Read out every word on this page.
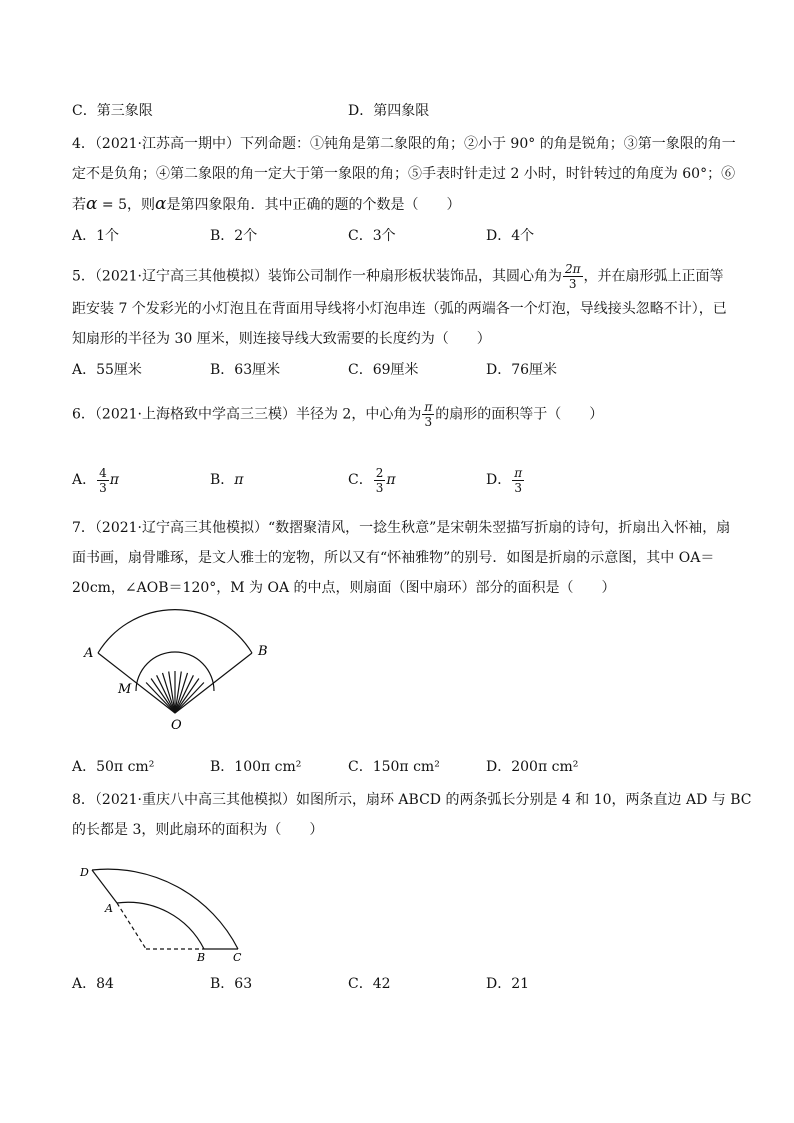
C．第三象限	D．第四象限
4．（2021·江苏高一期中）下列命题：①钝角是第二象限的角；②小于 90° 的角是锐角；③第一象限的角一
定不是负角；④第二象限的角一定大于第一象限的角；⑤手表时针走过 2 小时，时针转过的角度为 60°；⑥
若α = 5，则α是第四象限角．其中正确的题的个数是（　　）
A．1个	B．2个	C．3个	D．4个
5．（2021·辽宁高三其他模拟）装饰公司制作一种扇形板状装饰品，其圆心角为 $\frac{2\pi}{3}$ ，并在扇形弧上正面等
距安装 7 个发彩光的小灯泡且在背面用导线将小灯泡串连（弧的两端各一个灯泡，导线接头忽略不计），已
知扇形的半径为 30 厘米，则连接导线大致需要的长度约为（　　）
A．55厘米	B．63厘米	C．69厘米	D．76厘米
6．（2021·上海格致中学高三三模）半径为 2，中心角为 $\frac{\pi}{3}$ 的扇形的面积等于（　　）
A． $\frac{4}{3}$ π	B．π	C． $\frac{2}{3}$ π	D． $\frac{\pi}{3}$
7．（2021·辽宁高三其他模拟）“数摺聚清风，一捻生秋意”是宋朝朱翌描写折扇的诗句，折扇出入怀袖，扇
面书画，扇骨雕琢，是文人雅士的宠物，所以又有“怀袖雅物”的别号．如图是折扇的示意图，其中 OA＝
20cm，∠AOB＝120°，M 为 OA 的中点，则扇面（图中扇环）部分的面积是（　　）
A	B
M
O
A．50π cm²	B．100π cm²	C．150π cm²	D．200π cm²
8．（2021·重庆八中高三其他模拟）如图所示，扇环 ABCD 的两条弧长分别是 4 和 10，两条直边 AD 与 BC
的长都是 3，则此扇环的面积为（　　）
D
A
B	C
A．84	B．63	C．42	D．21
